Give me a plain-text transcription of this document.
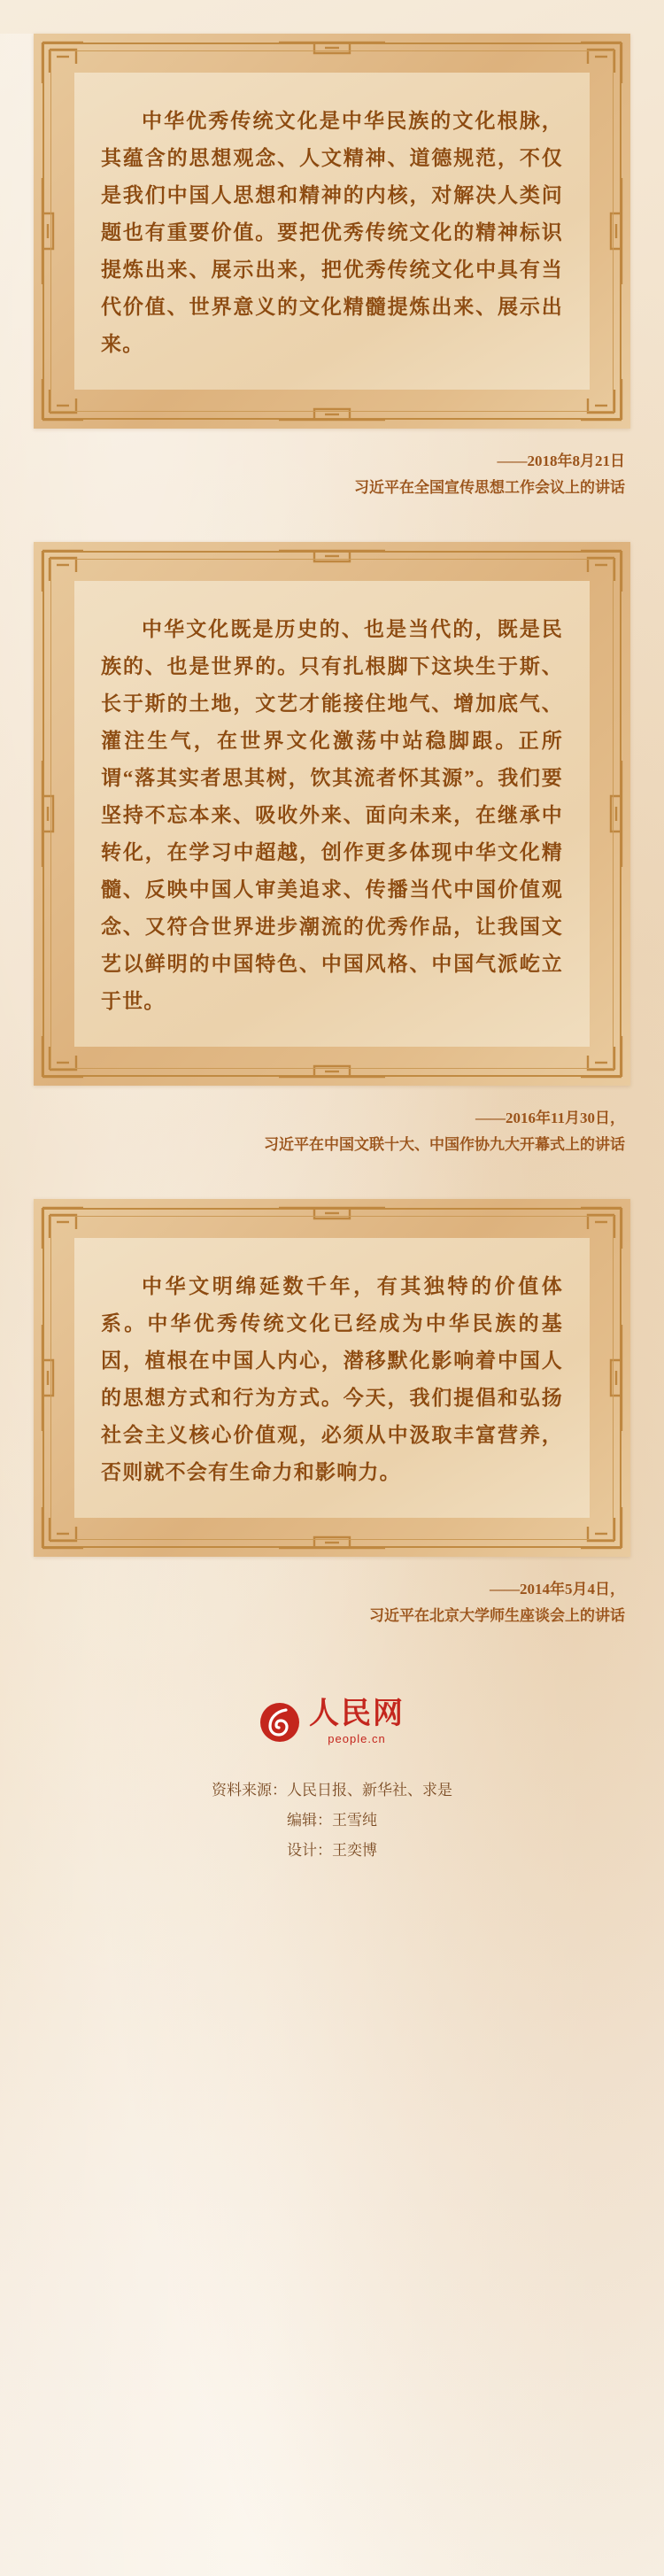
中华优秀传统文化是中华民族的文化根脉，其蕴含的思想观念、人文精神、道德规范，不仅是我们中国人思想和精神的内核，对解决人类问题也有重要价值。要把优秀传统文化的精神标识提炼出来、展示出来，把优秀传统文化中具有当代价值、世界意义的文化精髓提炼出来、展示出来。

——2018年8月21日
习近平在全国宣传思想工作会议上的讲话

中华文化既是历史的、也是当代的，既是民族的、也是世界的。只有扎根脚下这块生于斯、长于斯的土地，文艺才能接住地气、增加底气、灌注生气，在世界文化激荡中站稳脚跟。正所谓“落其实者思其树，饮其流者怀其源”。我们要坚持不忘本来、吸收外来、面向未来，在继承中转化，在学习中超越，创作更多体现中华文化精髓、反映中国人审美追求、传播当代中国价值观念、又符合世界进步潮流的优秀作品，让我国文艺以鲜明的中国特色、中国风格、中国气派屹立于世。

——2016年11月30日，
习近平在中国文联十大、中国作协九大开幕式上的讲话

中华文明绵延数千年，有其独特的价值体系。中华优秀传统文化已经成为中华民族的基因，植根在中国人内心，潜移默化影响着中国人的思想方式和行为方式。今天，我们提倡和弘扬社会主义核心价值观，必须从中汲取丰富营养，否则就不会有生命力和影响力。

——2014年5月4日，
习近平在北京大学师生座谈会上的讲话
人民网
people.cn
资料来源：人民日报、新华社、求是
编辑：王雪纯
设计：王奕博
